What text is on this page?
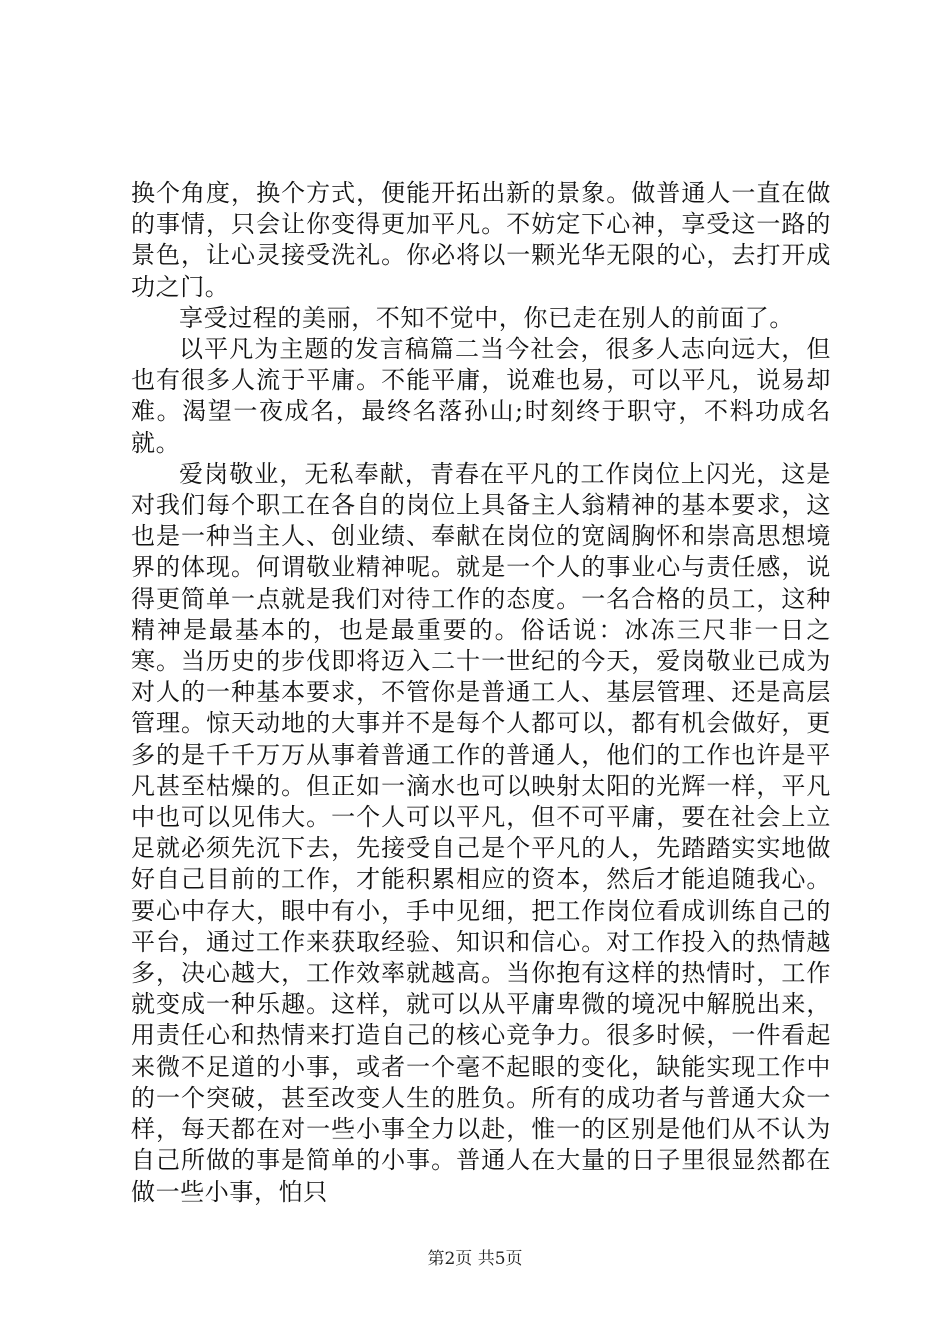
换个角度，换个方式，便能开拓出新的景象。做普通人一直在做的事情，只会让你变得更加平凡。不妨定下心神，享受这一路的景色，让心灵接受洗礼。你必将以一颗光华无限的心，去打开成功之门。

享受过程的美丽，不知不觉中，你已走在别人的前面了。

以平凡为主题的发言稿篇二当今社会，很多人志向远大，但也有很多人流于平庸。不能平庸，说难也易，可以平凡，说易却难。渴望一夜成名，最终名落孙山;时刻终于职守，不料功成名就。

爱岗敬业，无私奉献，青春在平凡的工作岗位上闪光，这是对我们每个职工在各自的岗位上具备主人翁精神的基本要求，这也是一种当主人、创业绩、奉献在岗位的宽阔胸怀和崇高思想境界的体现。何谓敬业精神呢。就是一个人的事业心与责任感，说得更简单一点就是我们对待工作的态度。一名合格的员工，这种精神是最基本的，也是最重要的。俗话说：冰冻三尺非一日之寒。当历史的步伐即将迈入二十一世纪的今天，爱岗敬业已成为对人的一种基本要求，不管你是普通工人、基层管理、还是高层管理。惊天动地的大事并不是每个人都可以，都有机会做好，更多的是千千万万从事着普通工作的普通人，他们的工作也许是平凡甚至枯燥的。但正如一滴水也可以映射太阳的光辉一样，平凡中也可以见伟大。一个人可以平凡，但不可平庸，要在社会上立足就必须先沉下去，先接受自己是个平凡的人，先踏踏实实地做好自己目前的工作，才能积累相应的资本，然后才能追随我心。要心中存大，眼中有小，手中见细，把工作岗位看成训练自己的平台，通过工作来获取经验、知识和信心。对工作投入的热情越多，决心越大，工作效率就越高。当你抱有这样的热情时，工作就变成一种乐趣。这样，就可以从平庸卑微的境况中解脱出来，用责任心和热情来打造自己的核心竞争力。很多时候，一件看起来微不足道的小事，或者一个毫不起眼的变化，缺能实现工作中的一个突破，甚至改变人生的胜负。所有的成功者与普通大众一样，每天都在对一些小事全力以赴，惟一的区别是他们从不认为自己所做的事是简单的小事。普通人在大量的日子里很显然都在做一些小事，怕只

第2页 共5页
